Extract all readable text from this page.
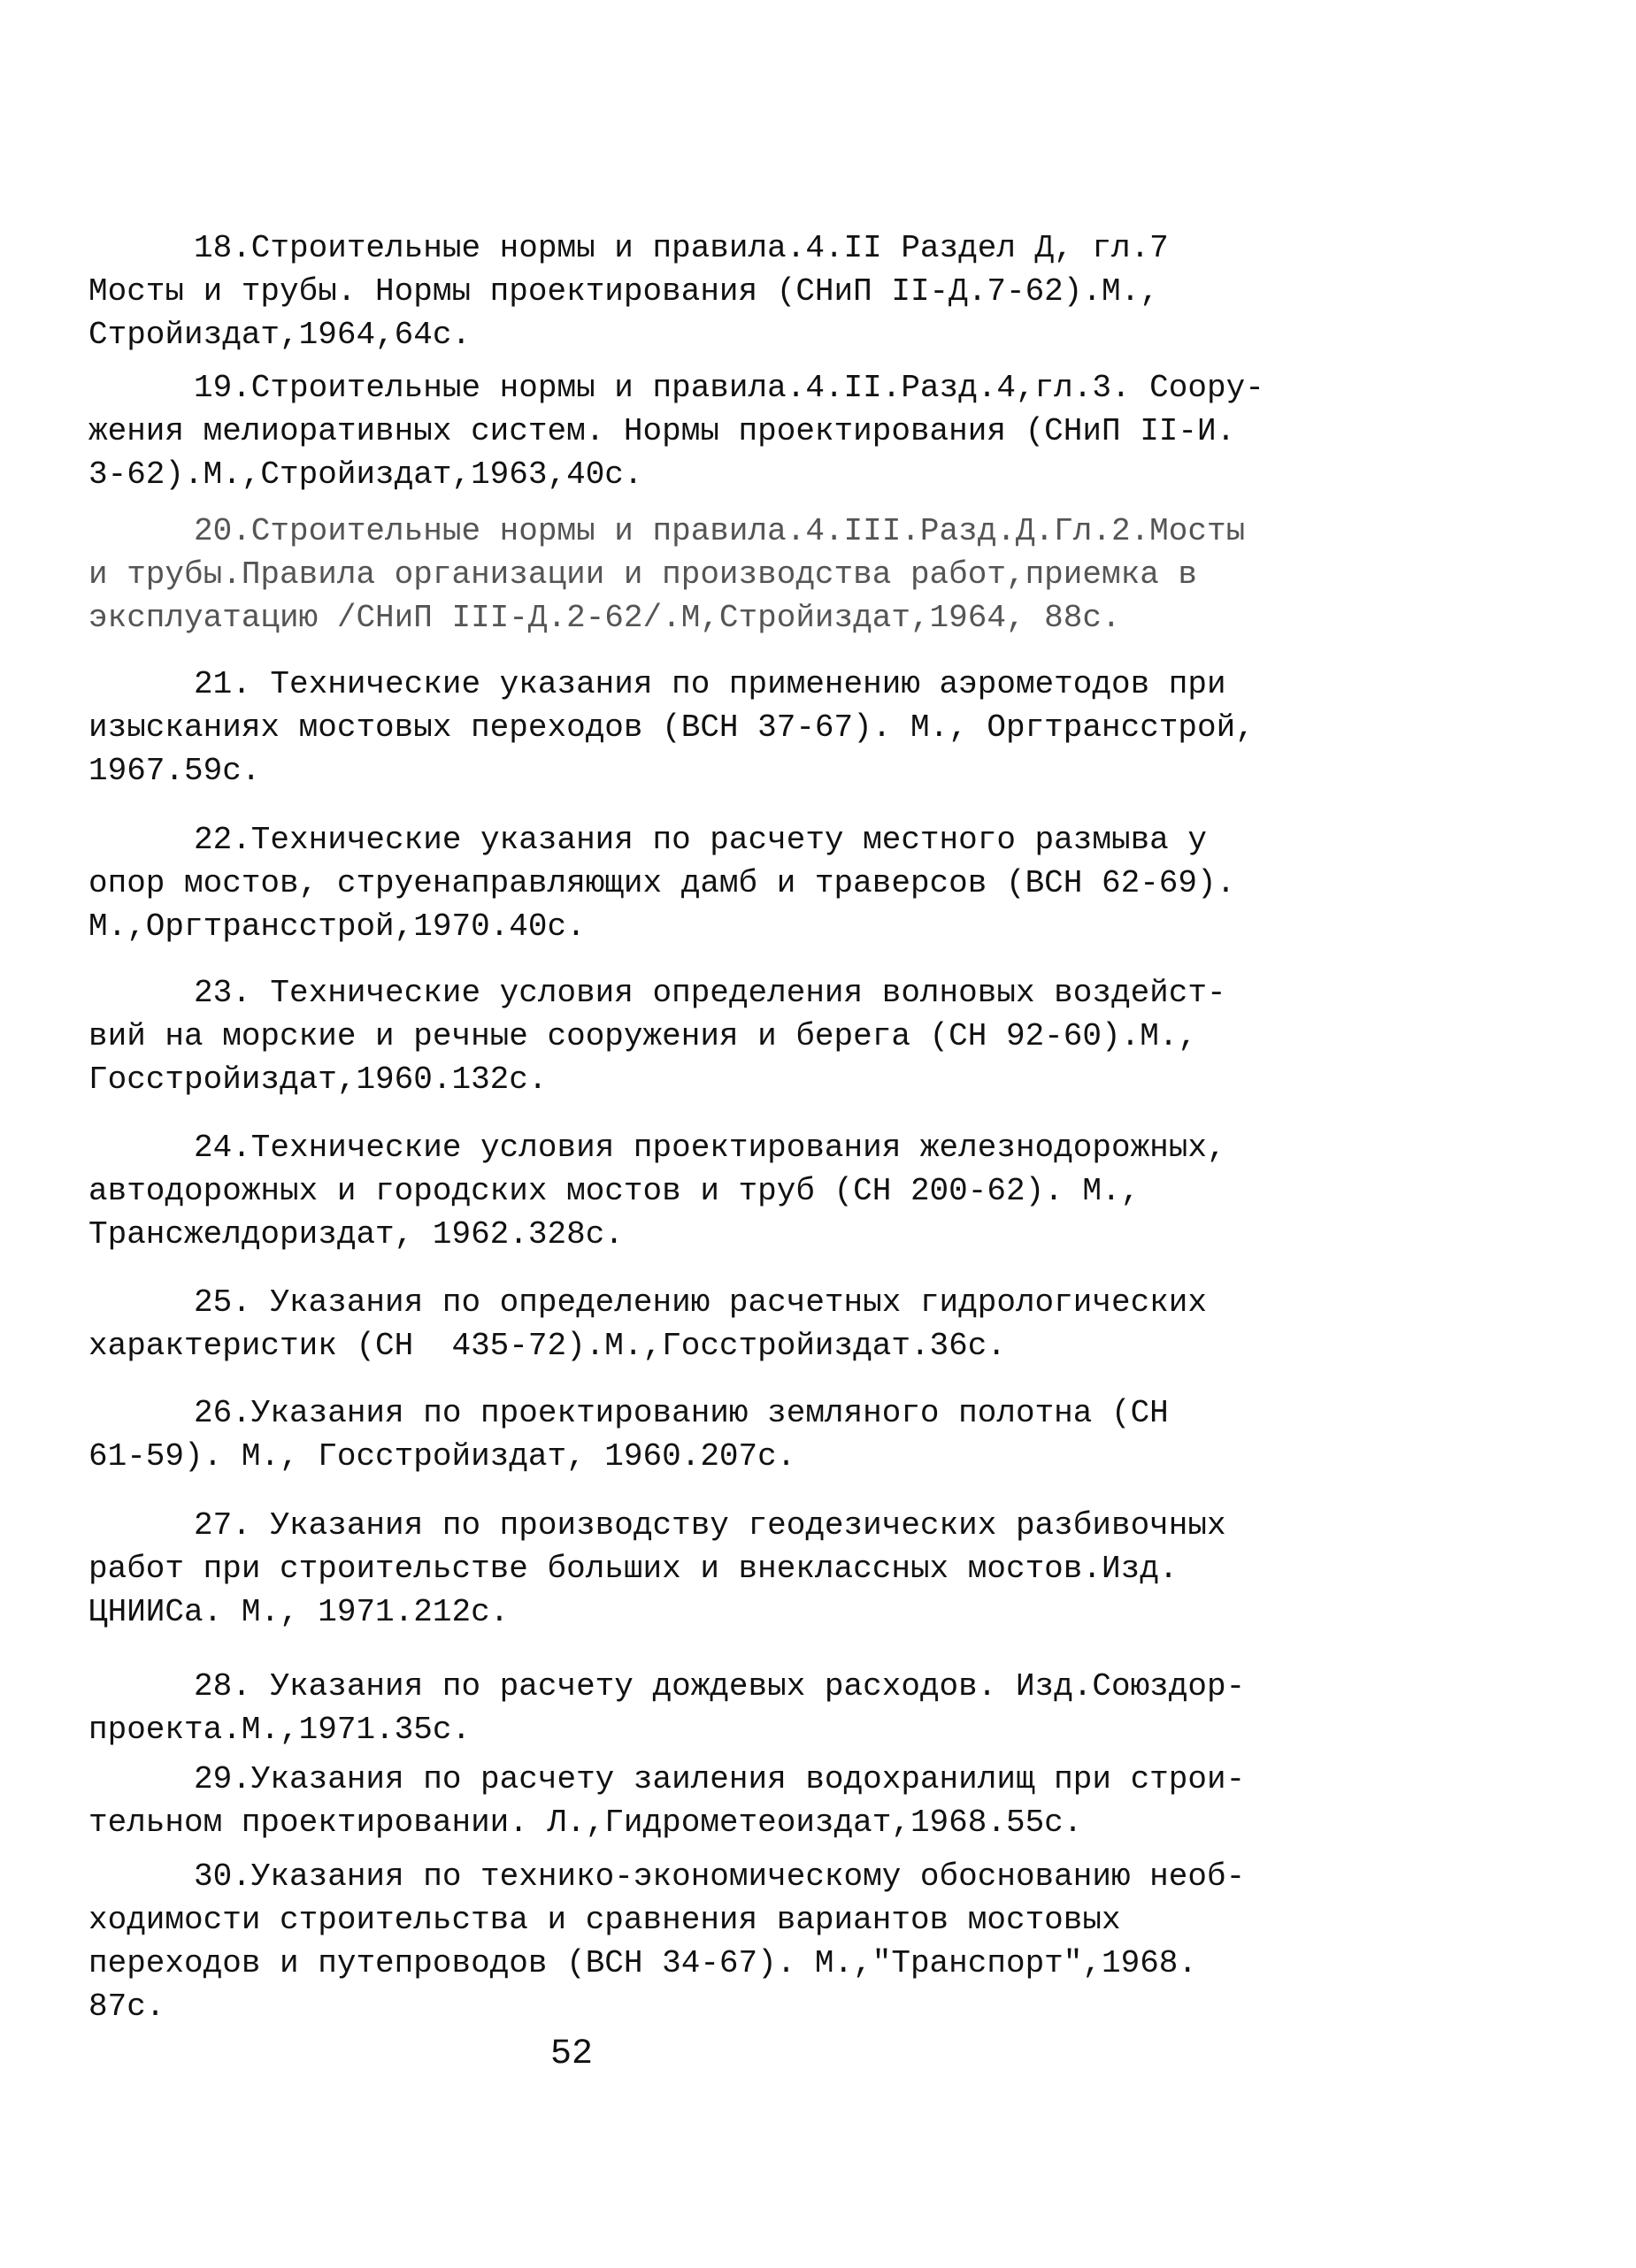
18.Строительные нормы и правила.4.II Раздел Д, гл.7
Мосты и трубы. Нормы проектирования (СНиП II-Д.7-62).М.,
Стройиздат,1964,64с.
19.Строительные нормы и правила.4.II.Разд.4,гл.3. Соору-
жения мелиоративных систем. Нормы проектирования (СНиП II-И.
3-62).М.,Стройиздат,1963,40с.
20.Строительные нормы и правила.4.III.Разд.Д.Гл.2.Мосты
и трубы.Правила организации и производства работ,приемка в
эксплуатацию /СНиП III-Д.2-62/.М,Стройиздат,1964, 88с.
21. Технические указания по применению аэрометодов при
изысканиях мостовых переходов (ВСН 37-67). М., Оргтрансстрой,
1967.59с.
22.Технические указания по расчету местного размыва у
опор мостов, струенаправляющих дамб и траверсов (ВСН 62-69).
М.,Оргтрансстрой,1970.40с.
23. Технические условия определения волновых воздейст-
вий на морские и речные сооружения и берега (СН 92-60).М.,
Госстройиздат,1960.132с.
24.Технические условия проектирования железнодорожных,
автодорожных и городских мостов и труб (СН 200-62). М.,
Трансжелдориздат, 1962.328с.
25. Указания по определению расчетных гидрологических
характеристик (СН  435-72).М.,Госстройиздат.36с.
26.Указания по проектированию земляного полотна (СН
61-59). М., Госстройиздат, 1960.207с.
27. Указания по производству геодезических разбивочных
работ при строительстве больших и внеклассных мостов.Изд.
ЦНИИСа. М., 1971.212с.
28. Указания по расчету дождевых расходов. Изд.Союздор-
проекта.М.,1971.35с.
29.Указания по расчету заиления водохранилищ при строи-
тельном проектировании. Л.,Гидрометеоиздат,1968.55с.
30.Указания по технико-экономическому обоснованию необ-
ходимости строительства и сравнения вариантов мостовых
переходов и путепроводов (ВСН 34-67). М.,"Транспорт",1968.
87с.
52
